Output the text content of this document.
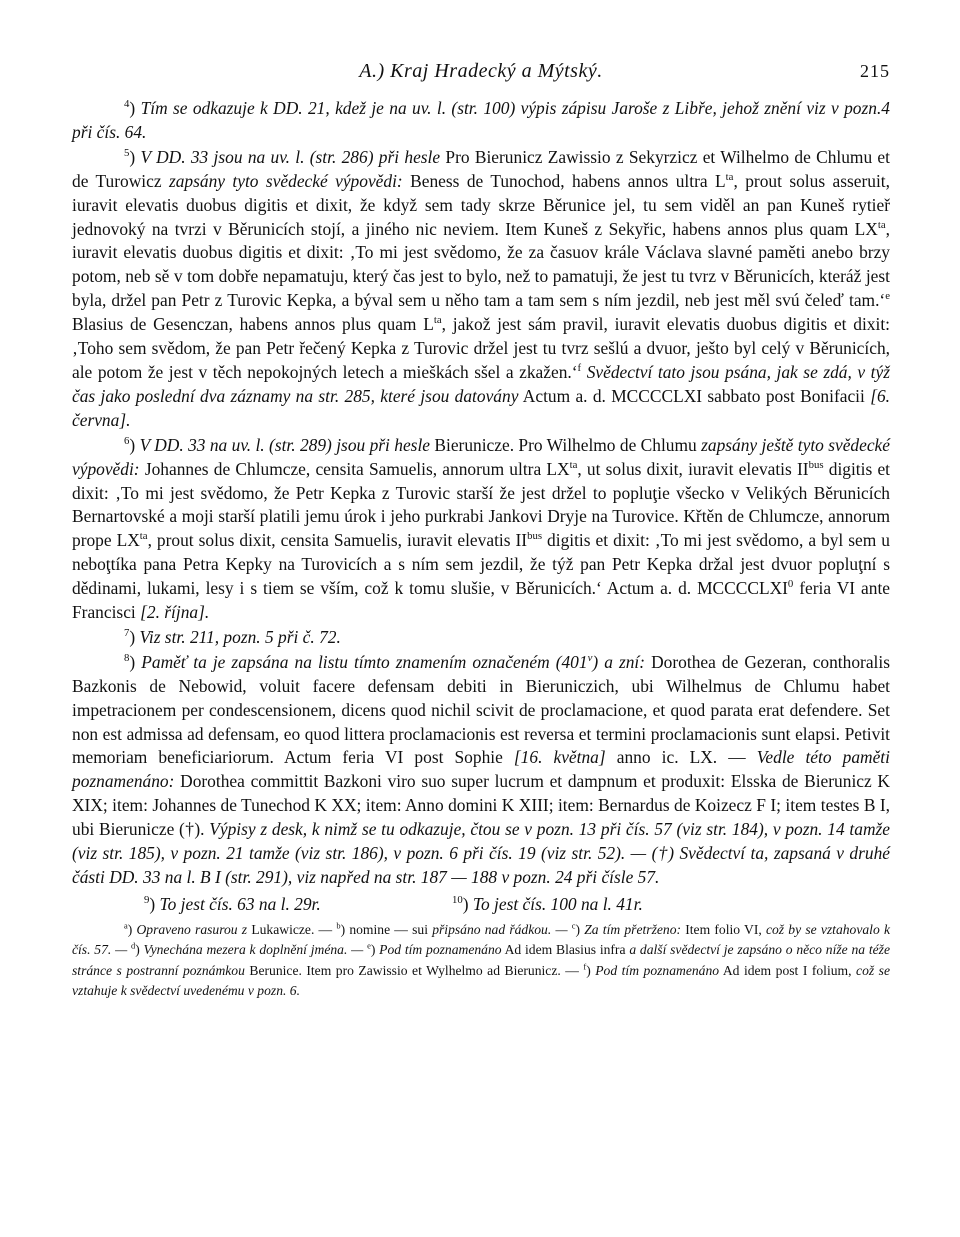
A.) Kraj Hradecký a Mýtský.	215

$^4$) Tím se odkazuje k DD. 21, kdež je na uv. l. (str. 100) výpis zápisu Jaroše z Libře, jehož znění viz v pozn.4 při čís. 64.

$^5$) V DD. 33 jsou na uv. l. (str. 286) při hesle Pro Bierunicz Zawissio z Sekyrzicz et Wilhelmo de Chlumu et de Turowicz zapsány tyto svědecké výpovědi: Beness de Tunochod, habens annos ultra $L^{ta}$, prout solus asseruit, iuravit elevatis duobus digitis et dixit, že když sem tady skrze Běrunice jel, tu sem viděl an pan Kuneš rytieř jednovoký na tvrzi v Běrunicích stojí, a jiného nic neviem. Item Kuneš z Sekyřic, habens annos plus quam $LX^{ta}$, iuravit elevatis duobus digitis et dixit: ‚To mi jest svědomo, že za časuov krále Václava slavné paměti anebo brzy potom, neb sě v tom dobře nepamatuju, který čas jest to bylo, než to pamatuji, že jest tu tvrz v Běrunicích, kteráž jest byla, držel pan Petr z Turovic Kepka, a býval sem u něho tam a tam sem s ním jezdil, neb jest měl svú čeleď tam.‘$^e$ Blasius de Gesenczan, habens annos plus quam $L^{ta}$, jakož jest sám pravil, iuravit elevatis duobus digitis et dixit: ‚Toho sem svědom, že pan Petr řečený Kepka z Turovic držel jest tu tvrz sešlú a dvuor, ješto byl celý v Běrunicích, ale potom že jest v těch nepokojných letech a mieškách sšel a zkažen.‘$^f$ Svědectví tato jsou psána, jak se zdá, v týž čas jako poslední dva záznamy na str. 285, které jsou datovány Actum a. d. MCCCCLXI sabbato post Bonifacii [6. června].

$^6$) V DD. 33 na uv. l. (str. 289) jsou při hesle Bierunicze. Pro Wilhelmo de Chlumu zapsány ještě tyto svědecké výpovědi: Johannes de Chlumcze, censita Samuelis, annorum ultra $LX^{ta}$, ut solus dixit, iuravit elevatis $II^{bus}$ digitis et dixit: ‚To mi jest svědomo, že Petr Kepka z Turovic starší že jest držel to popluţie všecko v Velikých Běrunicích Bernartovské a moji starší platili jemu úrok i jeho purkrabi Jankovi Dryje na Turovice. Křtěn de Chlumcze, annorum prope $LX^{ta}$, prout solus dixit, censita Samuelis, iuravit elevatis $II^{bus}$ digitis et dixit: ‚To mi jest svědomo, a byl sem u neboţtíka pana Petra Kepky na Turovicích a s ním sem jezdil, že týž pan Petr Kepka držal jest dvuor popluţní s dědinami, lukami, lesy i s tiem se vším, což k tomu slušie, v Běrunicích.‘ Actum a. d. MCCCCLXI$^0$ feria VI ante Francisci [2. října].

$^7$) Viz str. 211, pozn. 5 při č. 72.

$^8$) Paměť ta je zapsána na listu tímto znamením označeném (401$^v$) a zní: Dorothea de Gezeran, conthoralis Bazkonis de Nebowid, voluit facere defensam debiti in Bieruniczich, ubi Wilhelmus de Chlumu habet impetracionem per condescensionem, dicens quod nichil scivit de proclamacione, et quod parata erat defendere. Set non est admissa ad defensam, eo quod littera proclamacionis est reversa et termini proclamacionis sunt elapsi. Petivit memoriam beneficiariorum. Actum feria VI post Sophie [16. května] anno ic. LX. — Vedle této paměti poznamenáno: Dorothea committit Bazkoni viro suo super lucrum et dampnum et produxit: Elsska de Bierunicz K XIX; item: Johannes de Tunechod K XX; item: Anno domini K XIII; item: Bernardus de Koizecz F I; item testes B I, ubi Bierunicze (†). Výpisy z desk, k nimž se tu odkazuje, čtou se v pozn. 13 při čís. 57 (viz str. 184), v pozn. 14 tamže (viz str. 185), v pozn. 21 tamže (viz str. 186), v pozn. 6 při čís. 19 (viz str. 52). — (†) Svědectví ta, zapsaná v druhé části DD. 33 na l. B I (str. 291), viz napřed na str. 187 — 188 v pozn. 24 při čísle 57.

$^9$) To jest čís. 63 na l. 29r.	$^{10}$) To jest čís. 100 na l. 41r.

$^a$) Opraveno rasurou z Lukawicze. — $^b$) nomine — sui připsáno nad řádkou. — $^c$) Za tím přetrženo: Item folio VI, což by se vztahovalo k čís. 57. — $^d$) Vynechána mezera k doplnění jména. — $^e$) Pod tím poznamenáno Ad idem Blasius infra a další svědectví je zapsáno o něco níže na téže stránce s postranní poznámkou Berunice. Item pro Zawissio et Wylhelmo ad Bierunicz. — $^f$) Pod tím poznamenáno Ad idem post I folium, což se vztahuje k svědectví uvedenému v pozn. 6.
